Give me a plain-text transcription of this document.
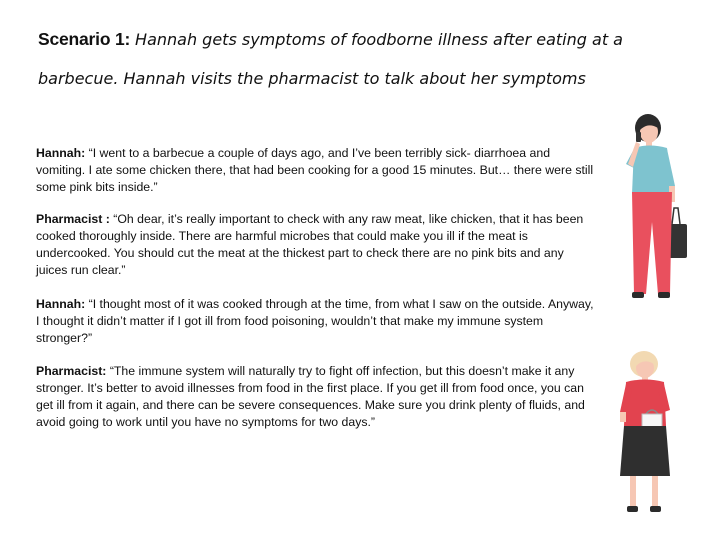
Scenario 1: Hannah gets symptoms of foodborne illness after eating at a barbecue. Hannah visits the pharmacist to talk about her symptoms
Hannah: “I went to a barbecue a couple of days ago, and I’ve been terribly sick- diarrhoea and vomiting. I ate some chicken there, that had been cooking for a good 15 minutes. But… there were still some pink bits inside.”
Pharmacist : “Oh dear, it’s really important to check with any raw meat, like chicken, that it has been cooked thoroughly inside. There are harmful microbes that could make you ill if the meat is undercooked. You should cut the meat at the thickest part to check there are no pink bits and any juices run clear.”
Hannah: “I thought most of it was cooked through at the time, from what I saw on the outside. Anyway, I thought it didn’t matter if I got ill from food poisoning, wouldn’t that make my immune system stronger?”
Pharmacist: “The immune system will naturally try to fight off infection, but this doesn’t make it any stronger. It’s better to avoid illnesses from food in the first place. If you get ill from food once, you can get ill from it again, and there can be severe consequences. Make sure you drink plenty of fluids, and avoid going to work until you have no symptoms for two days.”
